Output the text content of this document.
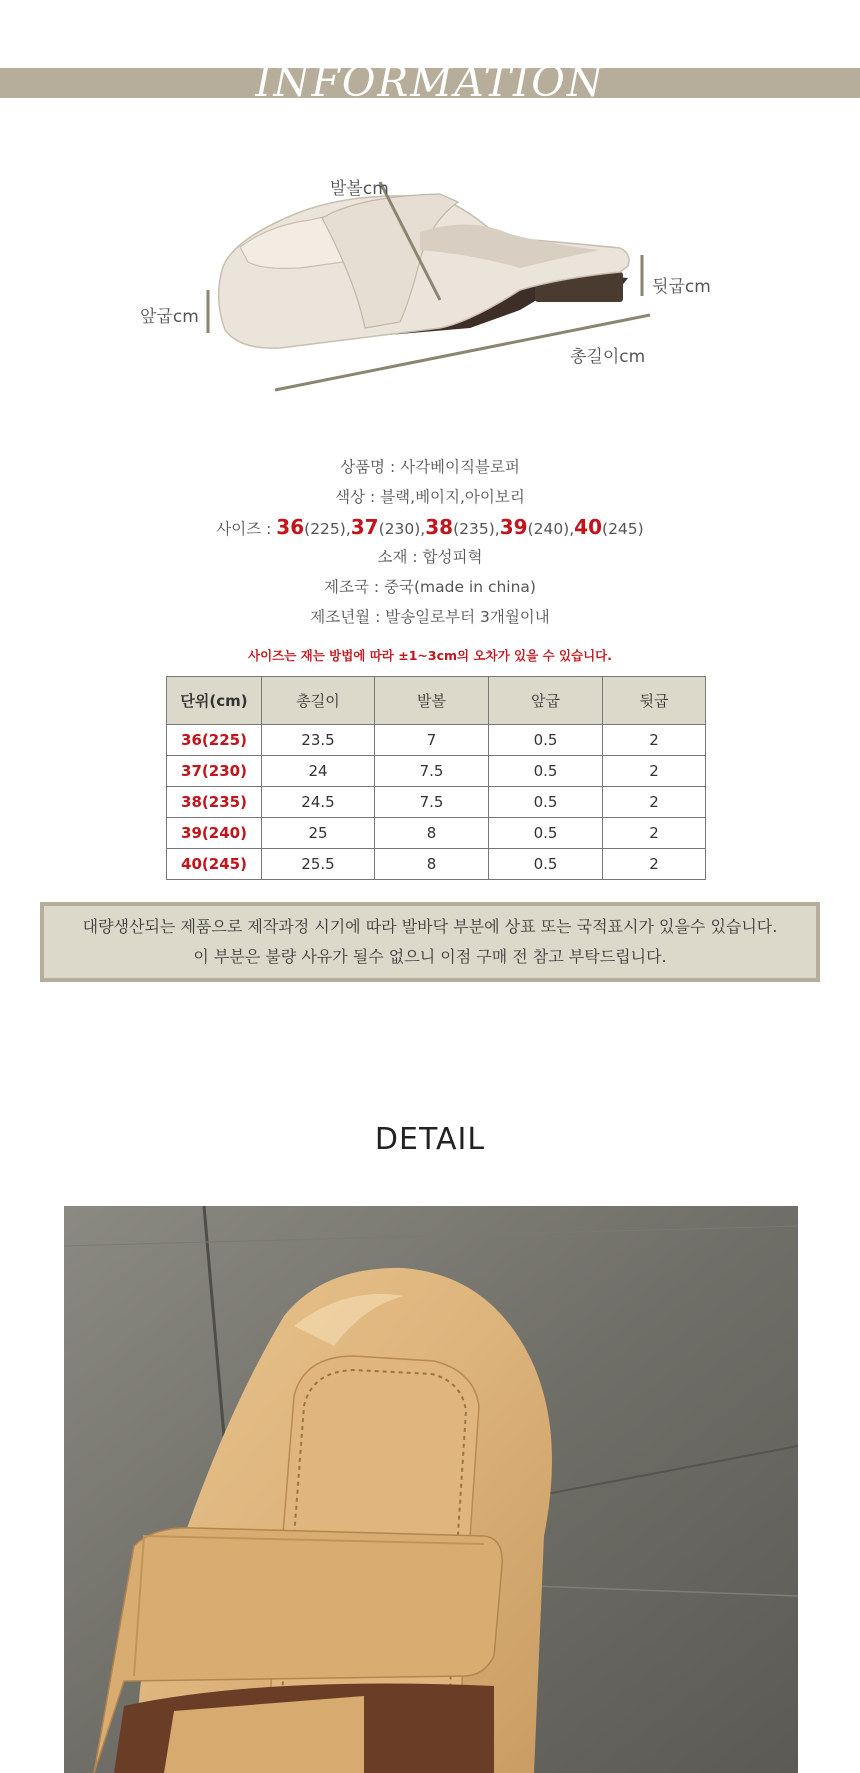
INFORMATION
발볼cm
앞굽cm
뒷굽cm
총길이cm
상품명 : 사각베이직블로퍼
색상 : 블랙,베이지,아이보리
사이즈 : 36(225),37(230),38(235),39(240),40(245)
소재 : 합성피혁
제조국 : 중국(made in china)
제조년월 : 발송일로부터 3개월이내
사이즈는 재는 방법에 따라 ±1~3cm의 오차가 있을 수 있습니다.
단위(cm)	총길이	발볼	앞굽	뒷굽
36(225)	23.5	7	0.5	2
37(230)	24	7.5	0.5	2
38(235)	24.5	7.5	0.5	2
39(240)	25	8	0.5	2
40(245)	25.5	8	0.5	2
대량생산되는 제품으로 제작과정 시기에 따라 발바닥 부분에 상표 또는 국적표시가 있을수 있습니다.
이 부분은 불량 사유가 될수 없으니 이점 구매 전 참고 부탁드립니다.
DETAIL
